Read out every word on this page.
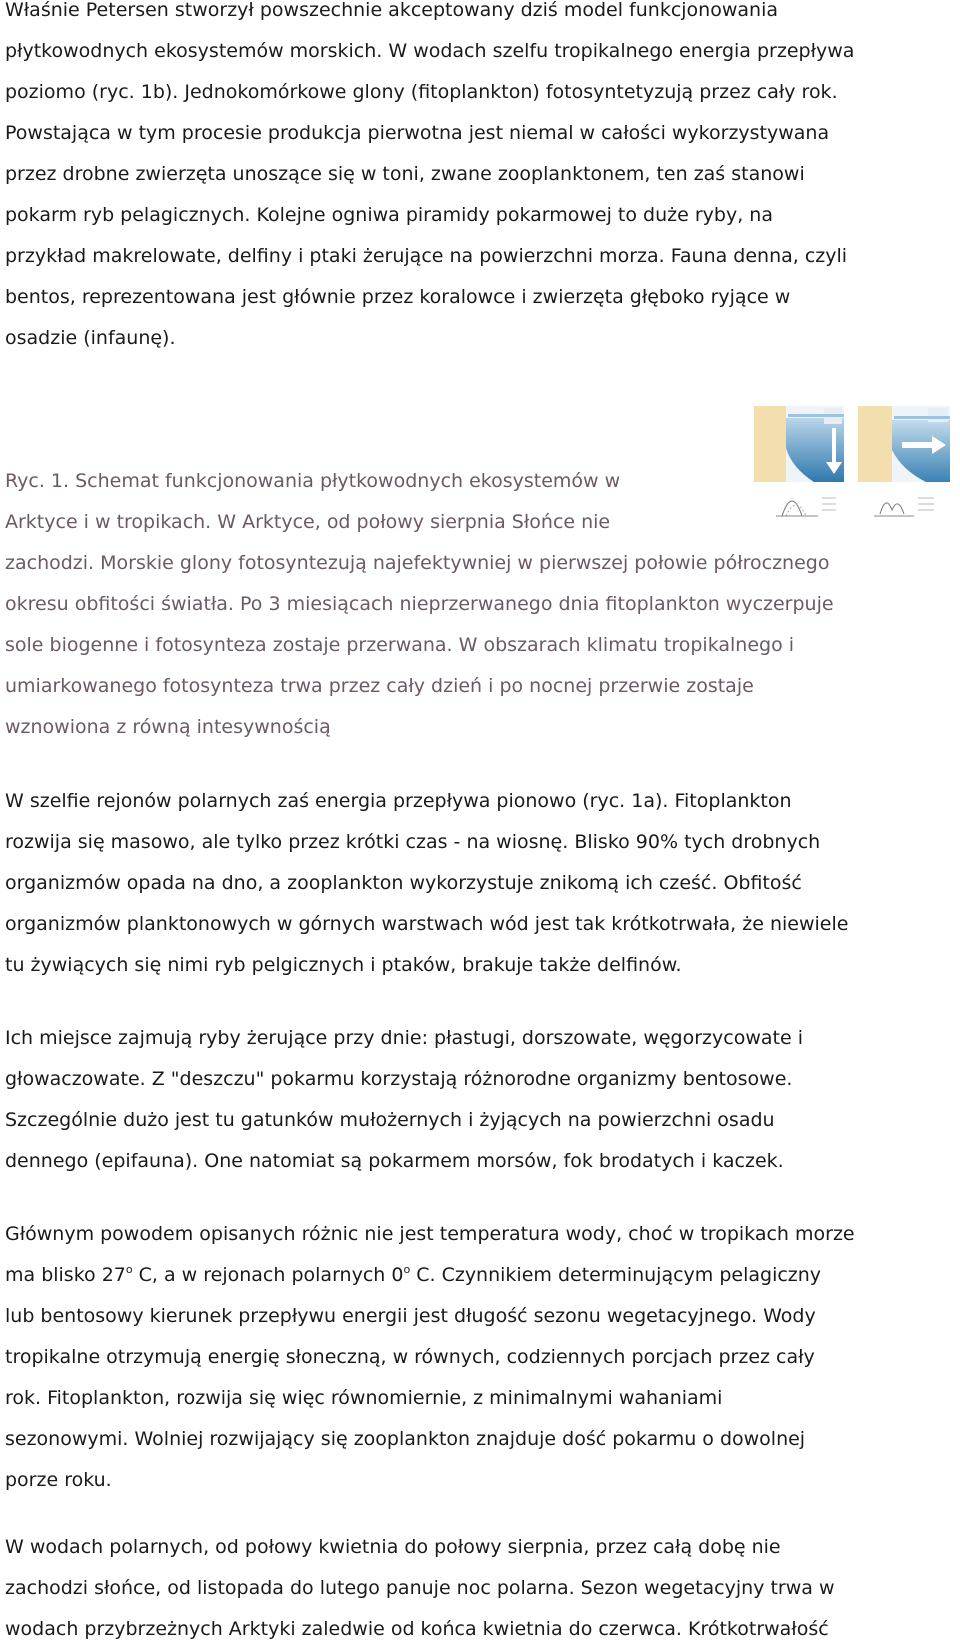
Właśnie Petersen stworzył powszechnie akceptowany dziś model funkcjonowania
płytkowodnych ekosystemów morskich. W wodach szelfu tropikalnego energia przepływa
poziomo (ryc. 1b). Jednokomórkowe glony (fitoplankton) fotosyntetyzują przez cały rok.
Powstająca w tym procesie produkcja pierwotna jest niemal w całości wykorzystywana
przez drobne zwierzęta unoszące się w toni, zwane zooplanktonem, ten zaś stanowi
pokarm ryb pelagicznych. Kolejne ogniwa piramidy pokarmowej to duże ryby, na
przykład makrelowate, delfiny i ptaki żerujące na powierzchni morza. Fauna denna, czyli
bentos, reprezentowana jest głównie przez koralowce i zwierzęta głęboko ryjące w
osadzie (infaunę).

Ryc. 1. Schemat funkcjonowania płytkowodnych ekosystemów w
Arktyce i w tropikach. W Arktyce, od połowy sierpnia Słońce nie
zachodzi. Morskie glony fotosyntezują najefektywniej w pierwszej połowie półrocznego
okresu obfitości światła. Po 3 miesiącach nieprzerwanego dnia fitoplankton wyczerpuje
sole biogenne i fotosynteza zostaje przerwana. W obszarach klimatu tropikalnego i
umiarkowanego fotosynteza trwa przez cały dzień i po nocnej przerwie zostaje
wznowiona z równą intesywnością

W szelfie rejonów polarnych zaś energia przepływa pionowo (ryc. 1a). Fitoplankton
rozwija się masowo, ale tylko przez krótki czas - na wiosnę. Blisko 90% tych drobnych
organizmów opada na dno, a zooplankton wykorzystuje znikomą ich cześć. Obfitość
organizmów planktonowych w górnych warstwach wód jest tak krótkotrwała, że niewiele
tu żywiących się nimi ryb pelgicznych i ptaków, brakuje także delfinów.

Ich miejsce zajmują ryby żerujące przy dnie: płastugi, dorszowate, węgorzycowate i
głowaczowate. Z "deszczu" pokarmu korzystają różnorodne organizmy bentosowe.
Szczególnie dużo jest tu gatunków mułożernych i żyjących na powierzchni osadu
dennego (epifauna). One natomiat są pokarmem morsów, fok brodatych i kaczek.

Głównym powodem opisanych różnic nie jest temperatura wody, choć w tropikach morze
ma blisko 27$^o$ C, a w rejonach polarnych 0$^o$ C. Czynnikiem determinującym pelagiczny
lub bentosowy kierunek przepływu energii jest długość sezonu wegetacyjnego. Wody
tropikalne otrzymują energię słoneczną, w równych, codziennych porcjach przez cały
rok. Fitoplankton, rozwija się więc równomiernie, z minimalnymi wahaniami
sezonowymi. Wolniej rozwijający się zooplankton znajduje dość pokarmu o dowolnej
porze roku.

W wodach polarnych, od połowy kwietnia do połowy sierpnia, przez całą dobę nie
zachodzi słońce, od listopada do lutego panuje noc polarna. Sezon wegetacyjny trwa w
wodach przybrzeżnych Arktyki zaledwie od końca kwietnia do czerwca. Krótkotrwałość
